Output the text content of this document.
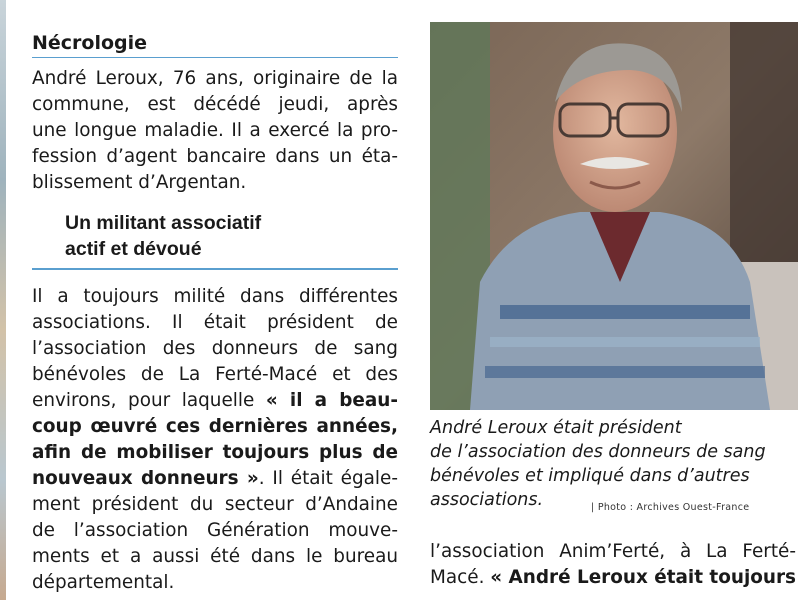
Nécrologie

André Leroux, 76 ans, originaire de la
commune, est décédé jeudi, après
une longue maladie. Il a exercé la pro-
fession d’agent bancaire dans un éta-
blissement d’Argentan.

Un militant associatif
actif et dévoué

Il a toujours milité dans différentes
associations. Il était président de
l’association des donneurs de sang
bénévoles de La Ferté-Macé et des
environs, pour laquelle « il a beau-
coup œuvré ces dernières années,
afin de mobiliser toujours plus de
nouveaux donneurs ». Il était égale-
ment président du secteur d’Andaine
de l’association Génération mouve-
ments et a aussi été dans le bureau
départemental.

André Leroux était président
de l’association des donneurs de sang
bénévoles et impliqué dans d’autres
associations.	| Photo : Archives Ouest-France
l’association Anim’Ferté, à La Ferté-
Macé. « André Leroux était toujours
